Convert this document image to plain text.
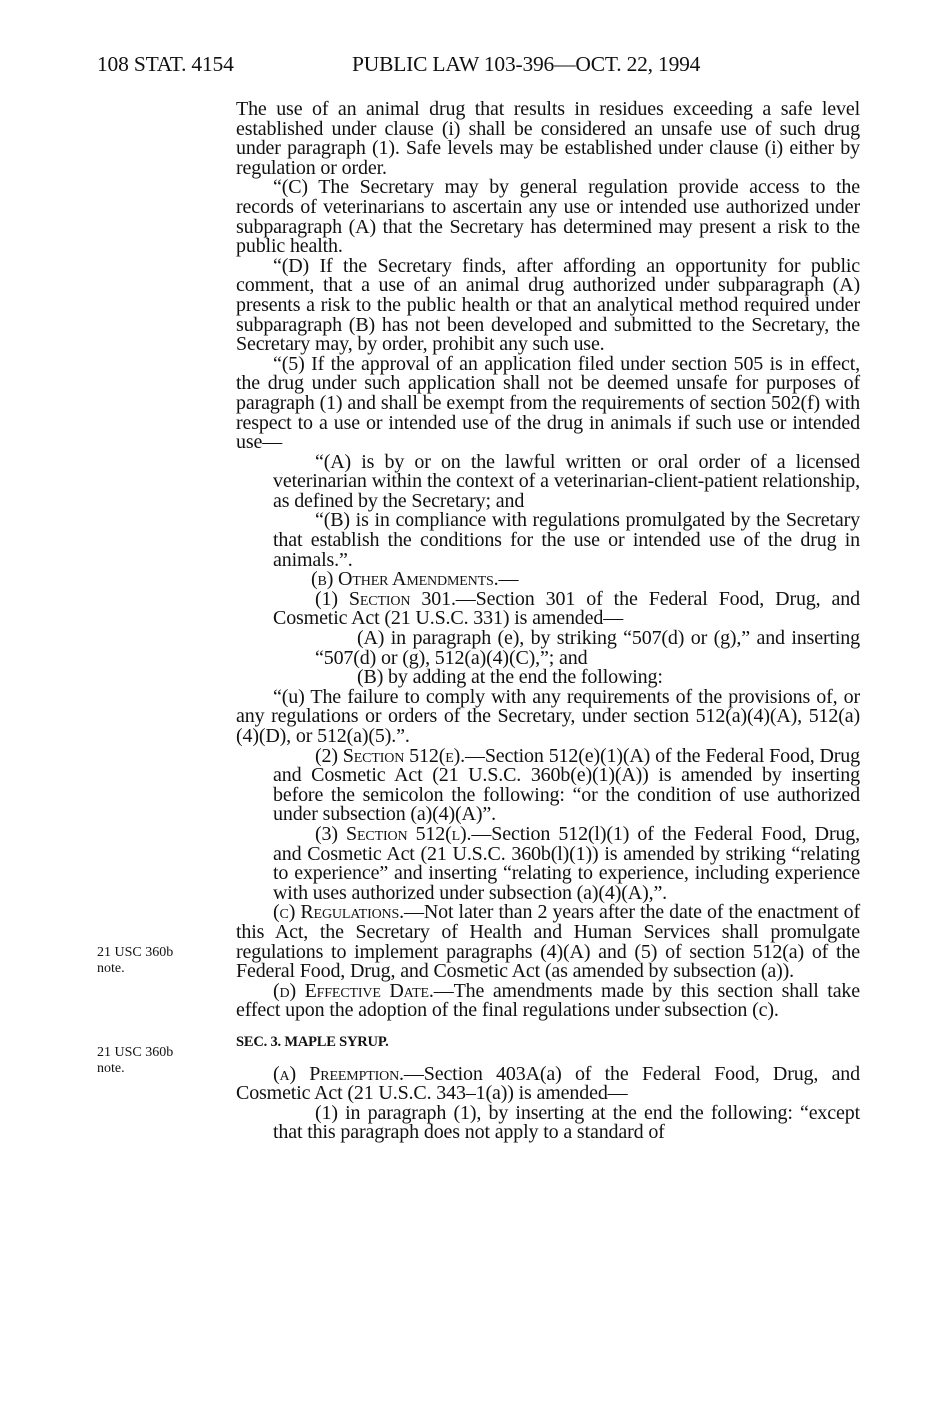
108 STAT. 4154	PUBLIC LAW 103-396—OCT. 22, 1994
21 USC 360b
note.
21 USC 360b
note.

The use of an animal drug that results in residues exceeding a safe level established under clause (i) shall be considered an unsafe use of such drug under paragraph (1). Safe levels may be established under clause (i) either by regulation or order.

“(C) The Secretary may by general regulation provide access to the records of veterinarians to ascertain any use or intended use authorized under subparagraph (A) that the Secretary has determined may present a risk to the public health.

“(D) If the Secretary finds, after affording an opportunity for public comment, that a use of an animal drug authorized under subparagraph (A) presents a risk to the public health or that an analytical method required under subparagraph (B) has not been developed and submitted to the Secretary, the Secretary may, by order, prohibit any such use.

“(5) If the approval of an application filed under section 505 is in effect, the drug under such application shall not be deemed unsafe for purposes of paragraph (1) and shall be exempt from the requirements of section 502(f) with respect to a use or intended use of the drug in animals if such use or intended use—

“(A) is by or on the lawful written or oral order of a licensed veterinarian within the context of a veterinarian-client-patient relationship, as defined by the Secretary; and

“(B) is in compliance with regulations promulgated by the Secretary that establish the conditions for the use or intended use of the drug in animals.”.

(b) Other Amendments.—

(1) Section 301.—Section 301 of the Federal Food, Drug, and Cosmetic Act (21 U.S.C. 331) is amended—

(A) in paragraph (e), by striking “507(d) or (g),” and inserting “507(d) or (g), 512(a)(4)(C),”; and

(B) by adding at the end the following:

“(u) The failure to comply with any requirements of the provisions of, or any regulations or orders of the Secretary, under section 512(a)(4)(A), 512(a)(4)(D), or 512(a)(5).”.

(2) Section 512(e).—Section 512(e)(1)(A) of the Federal Food, Drug and Cosmetic Act (21 U.S.C. 360b(e)(1)(A)) is amended by inserting before the semicolon the following: “or the condition of use authorized under subsection (a)(4)(A)”.

(3) Section 512(l).—Section 512(l)(1) of the Federal Food, Drug, and Cosmetic Act (21 U.S.C. 360b(l)(1)) is amended by striking “relating to experience” and inserting “relating to experience, including experience with uses authorized under subsection (a)(4)(A),”.

(c) Regulations.—Not later than 2 years after the date of the enactment of this Act, the Secretary of Health and Human Services shall promulgate regulations to implement paragraphs (4)(A) and (5) of section 512(a) of the Federal Food, Drug, and Cosmetic Act (as amended by subsection (a)).

(d) Effective Date.—The amendments made by this section shall take effect upon the adoption of the final regulations under subsection (c).

SEC. 3. MAPLE SYRUP.

(a) Preemption.—Section 403A(a) of the Federal Food, Drug, and Cosmetic Act (21 U.S.C. 343–1(a)) is amended—

(1) in paragraph (1), by inserting at the end the following: “except that this paragraph does not apply to a standard of
